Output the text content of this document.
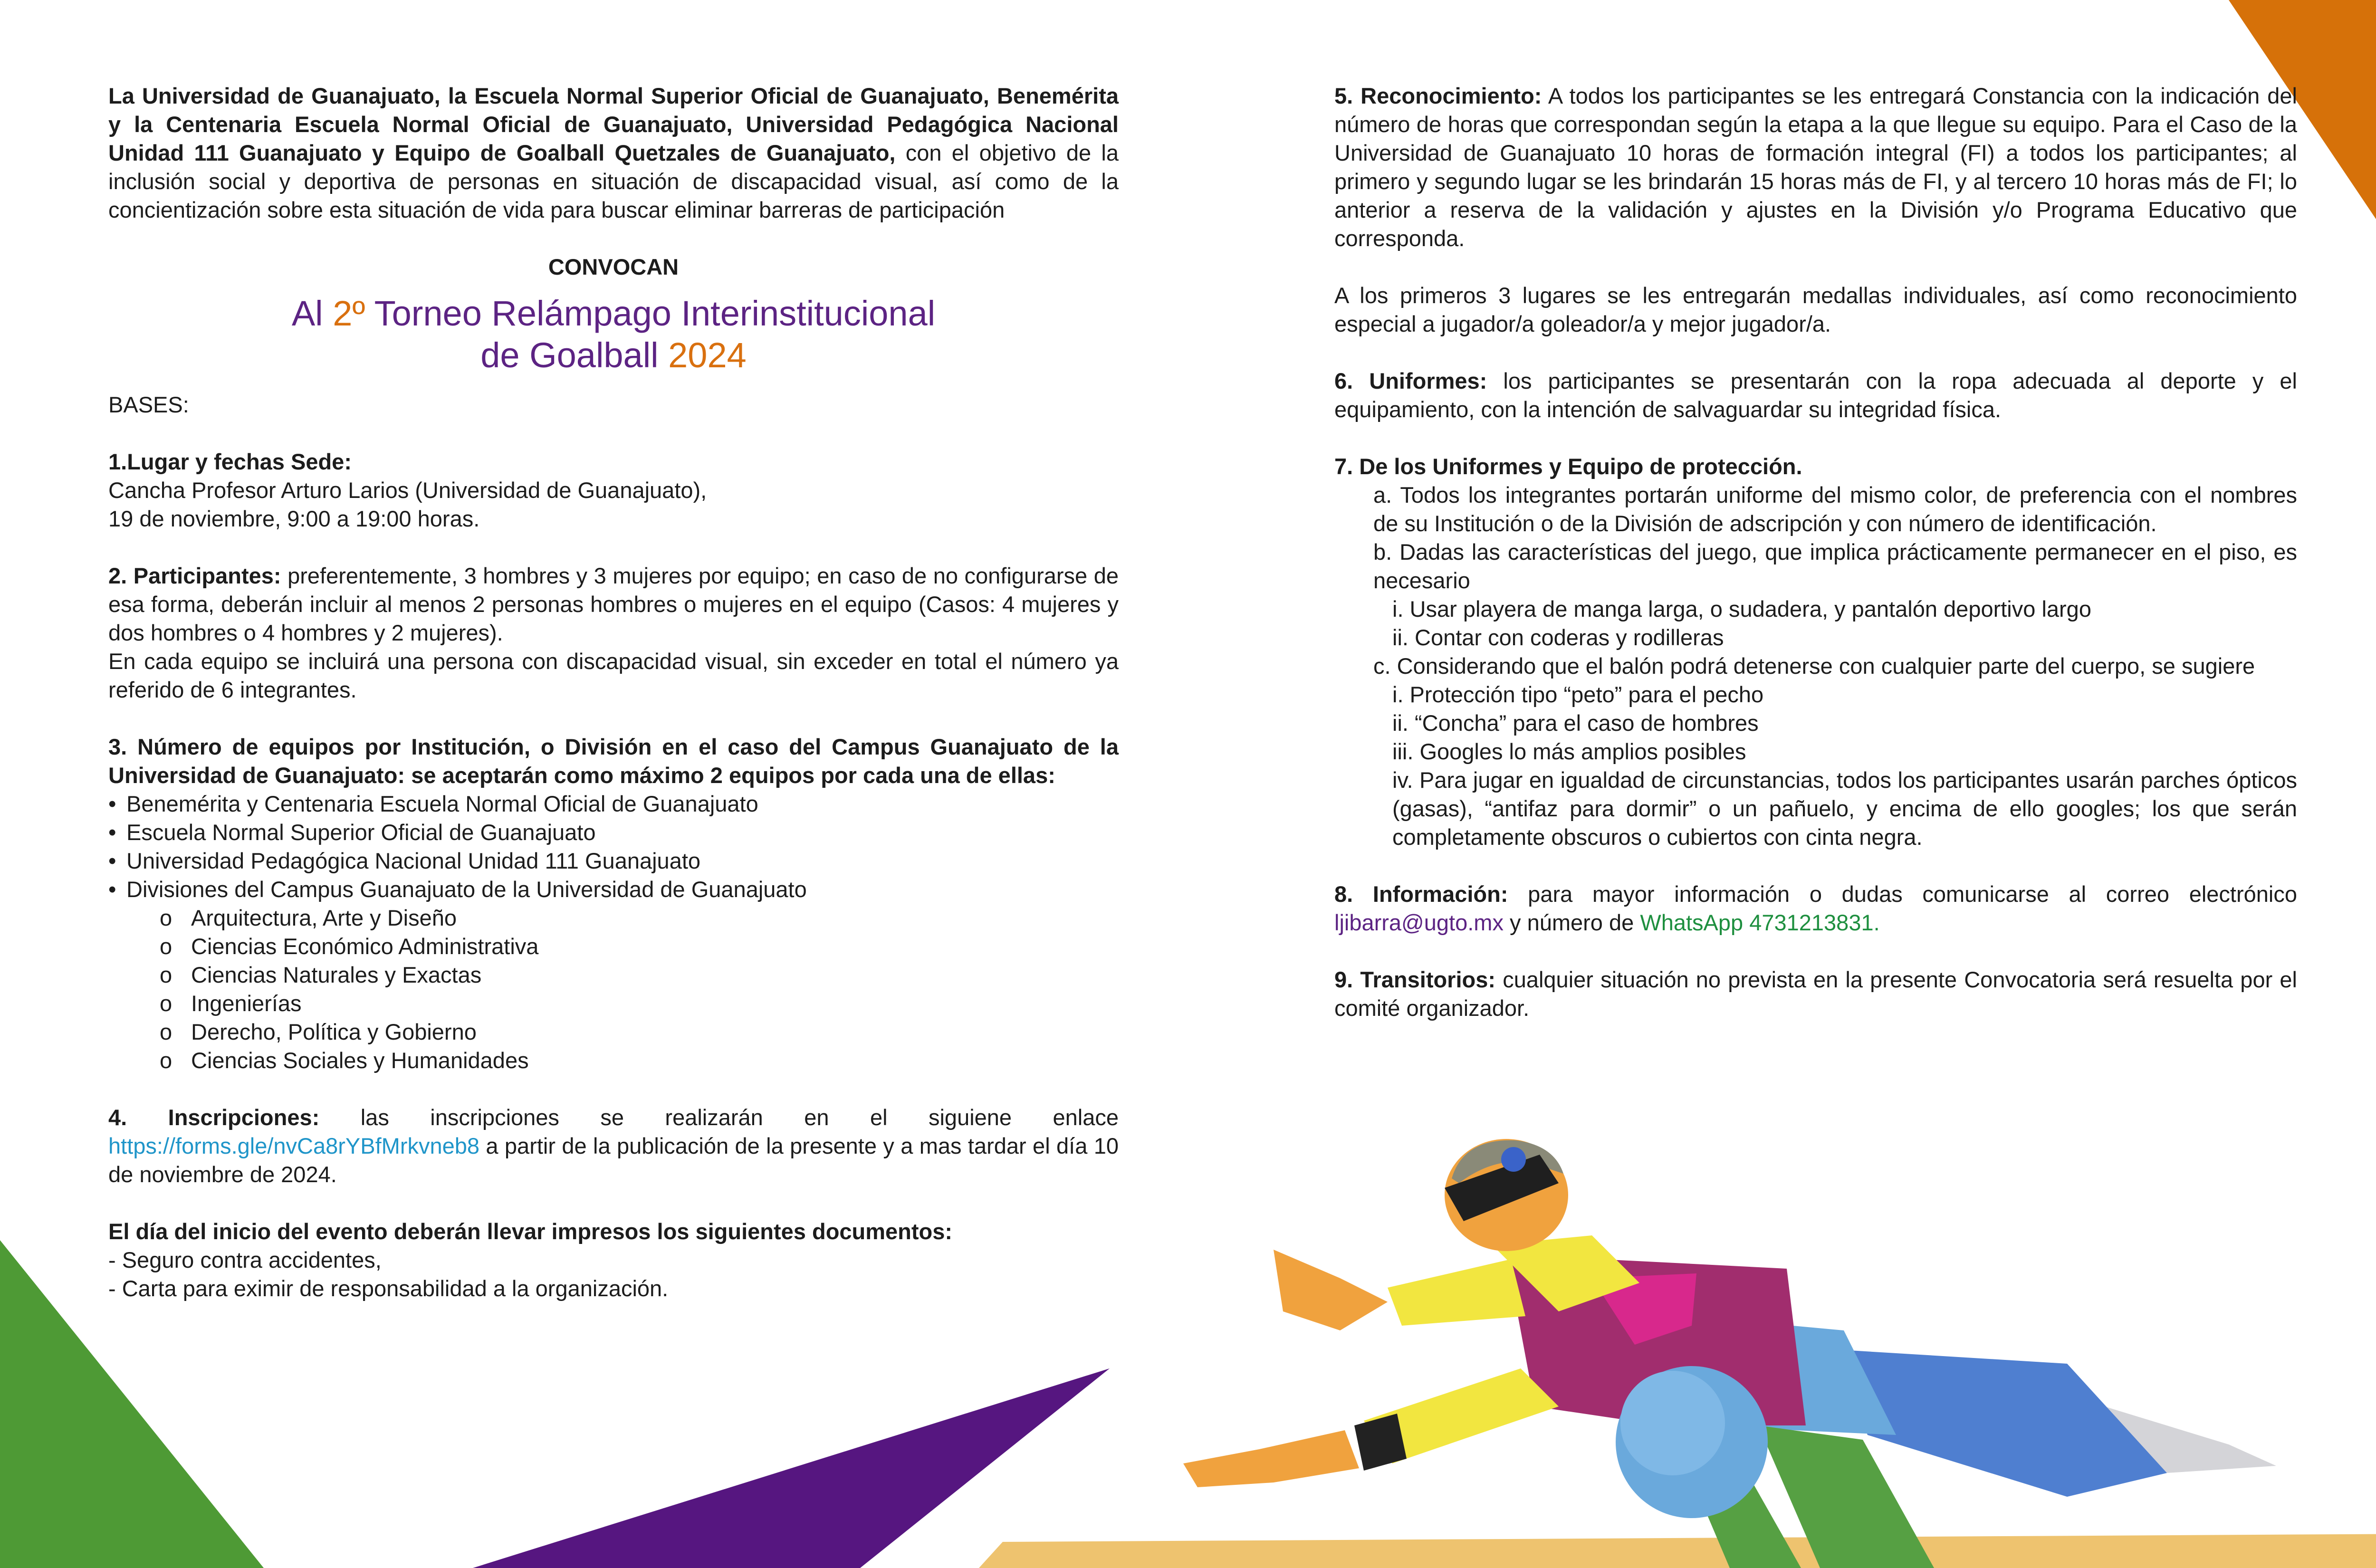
La Universidad de Guanajuato, la Escuela Normal Superior Oficial de Guanajuato, Benemérita y la Centenaria Escuela Normal Oficial de Guanajuato, Universidad Pedagógica Nacional Unidad 111 Guanajuato y Equipo de Goalball Quetzales de Guanajuato, con el objetivo de la inclusión social y deportiva de personas en situación de discapacidad visual, así como de la concientización sobre esta situación de vida para buscar eliminar barreras de participación

CONVOCAN

Al 2º Torneo Relámpago Interinstitucional
de Goalball 2024

BASES:

1.Lugar y fechas Sede:

Cancha Profesor Arturo Larios (Universidad de Guanajuato),

19 de noviembre, 9:00 a 19:00 horas.

2. Participantes: preferentemente, 3 hombres y 3 mujeres por equipo; en caso de no configurarse de esa forma, deberán incluir al menos 2 personas hombres o mujeres en el equipo (Casos: 4 mujeres y dos hombres o 4 hombres y 2 mujeres).

En cada equipo se incluirá una persona con discapacidad visual, sin exceder en total el número ya referido de 6 integrantes.

3. Número de equipos por Institución, o División en el caso del Campus Guanajuato de la Universidad de Guanajuato: se aceptarán como máximo 2 equipos por cada una de ellas:

• Benemérita y Centenaria Escuela Normal Oficial de Guanajuato
• Escuela Normal Superior Oficial de Guanajuato
• Universidad Pedagógica Nacional Unidad 111 Guanajuato
• Divisiones del Campus Guanajuato de la Universidad de Guanajuato
o Arquitectura, Arte y Diseño
o Ciencias Económico Administrativa
o Ciencias Naturales y Exactas
o Ingenierías
o Derecho, Política y Gobierno
o Ciencias Sociales y Humanidades

4. Inscripciones: las inscripciones se realizarán en el siguiene enlace https://forms.gle/nvCa8rYBfMrkvneb8 a partir de la publicación de la presente y a mas tardar el día 10 de noviembre de 2024.

El día del inicio del evento deberán llevar impresos los siguientes documentos:

- Seguro contra accidentes,

- Carta para eximir de responsabilidad a la organización.

5. Reconocimiento: A todos los participantes se les entregará Constancia con la indicación del número de horas que correspondan según la etapa a la que llegue su equipo. Para el Caso de la Universidad de Guanajuato 10 horas de formación integral (FI) a todos los participantes; al primero y segundo lugar se les brindarán 15 horas más de FI, y al tercero 10 horas más de FI; lo anterior a reserva de la validación y ajustes en la División y/o Programa Educativo que corresponda.

A los primeros 3 lugares se les entregarán medallas individuales, así como reconocimiento especial a jugador/a goleador/a y mejor jugador/a.

6. Uniformes: los participantes se presentarán con la ropa adecuada al deporte y el equipamiento, con la intención de salvaguardar su integridad física.

7. De los Uniformes y Equipo de protección.

a. Todos los integrantes portarán uniforme del mismo color, de preferencia con el nombres de su Institución o de la División de adscripción y con número de identificación.

b. Dadas las características del juego, que implica prácticamente permanecer en el piso, es necesario

i. Usar playera de manga larga, o sudadera, y pantalón deportivo largo

ii. Contar con coderas y rodilleras

c. Considerando que el balón podrá detenerse con cualquier parte del cuerpo, se sugiere

i. Protección tipo “peto” para el pecho

ii. “Concha” para el caso de hombres

iii. Googles lo más amplios posibles

iv. Para jugar en igualdad de circunstancias, todos los participantes usarán parches ópticos (gasas), “antifaz para dormir” o un pañuelo, y encima de ello googles; los que serán completamente obscuros o cubiertos con cinta negra.

8. Información: para mayor información o dudas comunicarse al correo electrónico ljibarra@ugto.mx y número de WhatsApp 4731213831.

9. Transitorios: cualquier situación no prevista en la presente Convocatoria será resuelta por el comité organizador.
